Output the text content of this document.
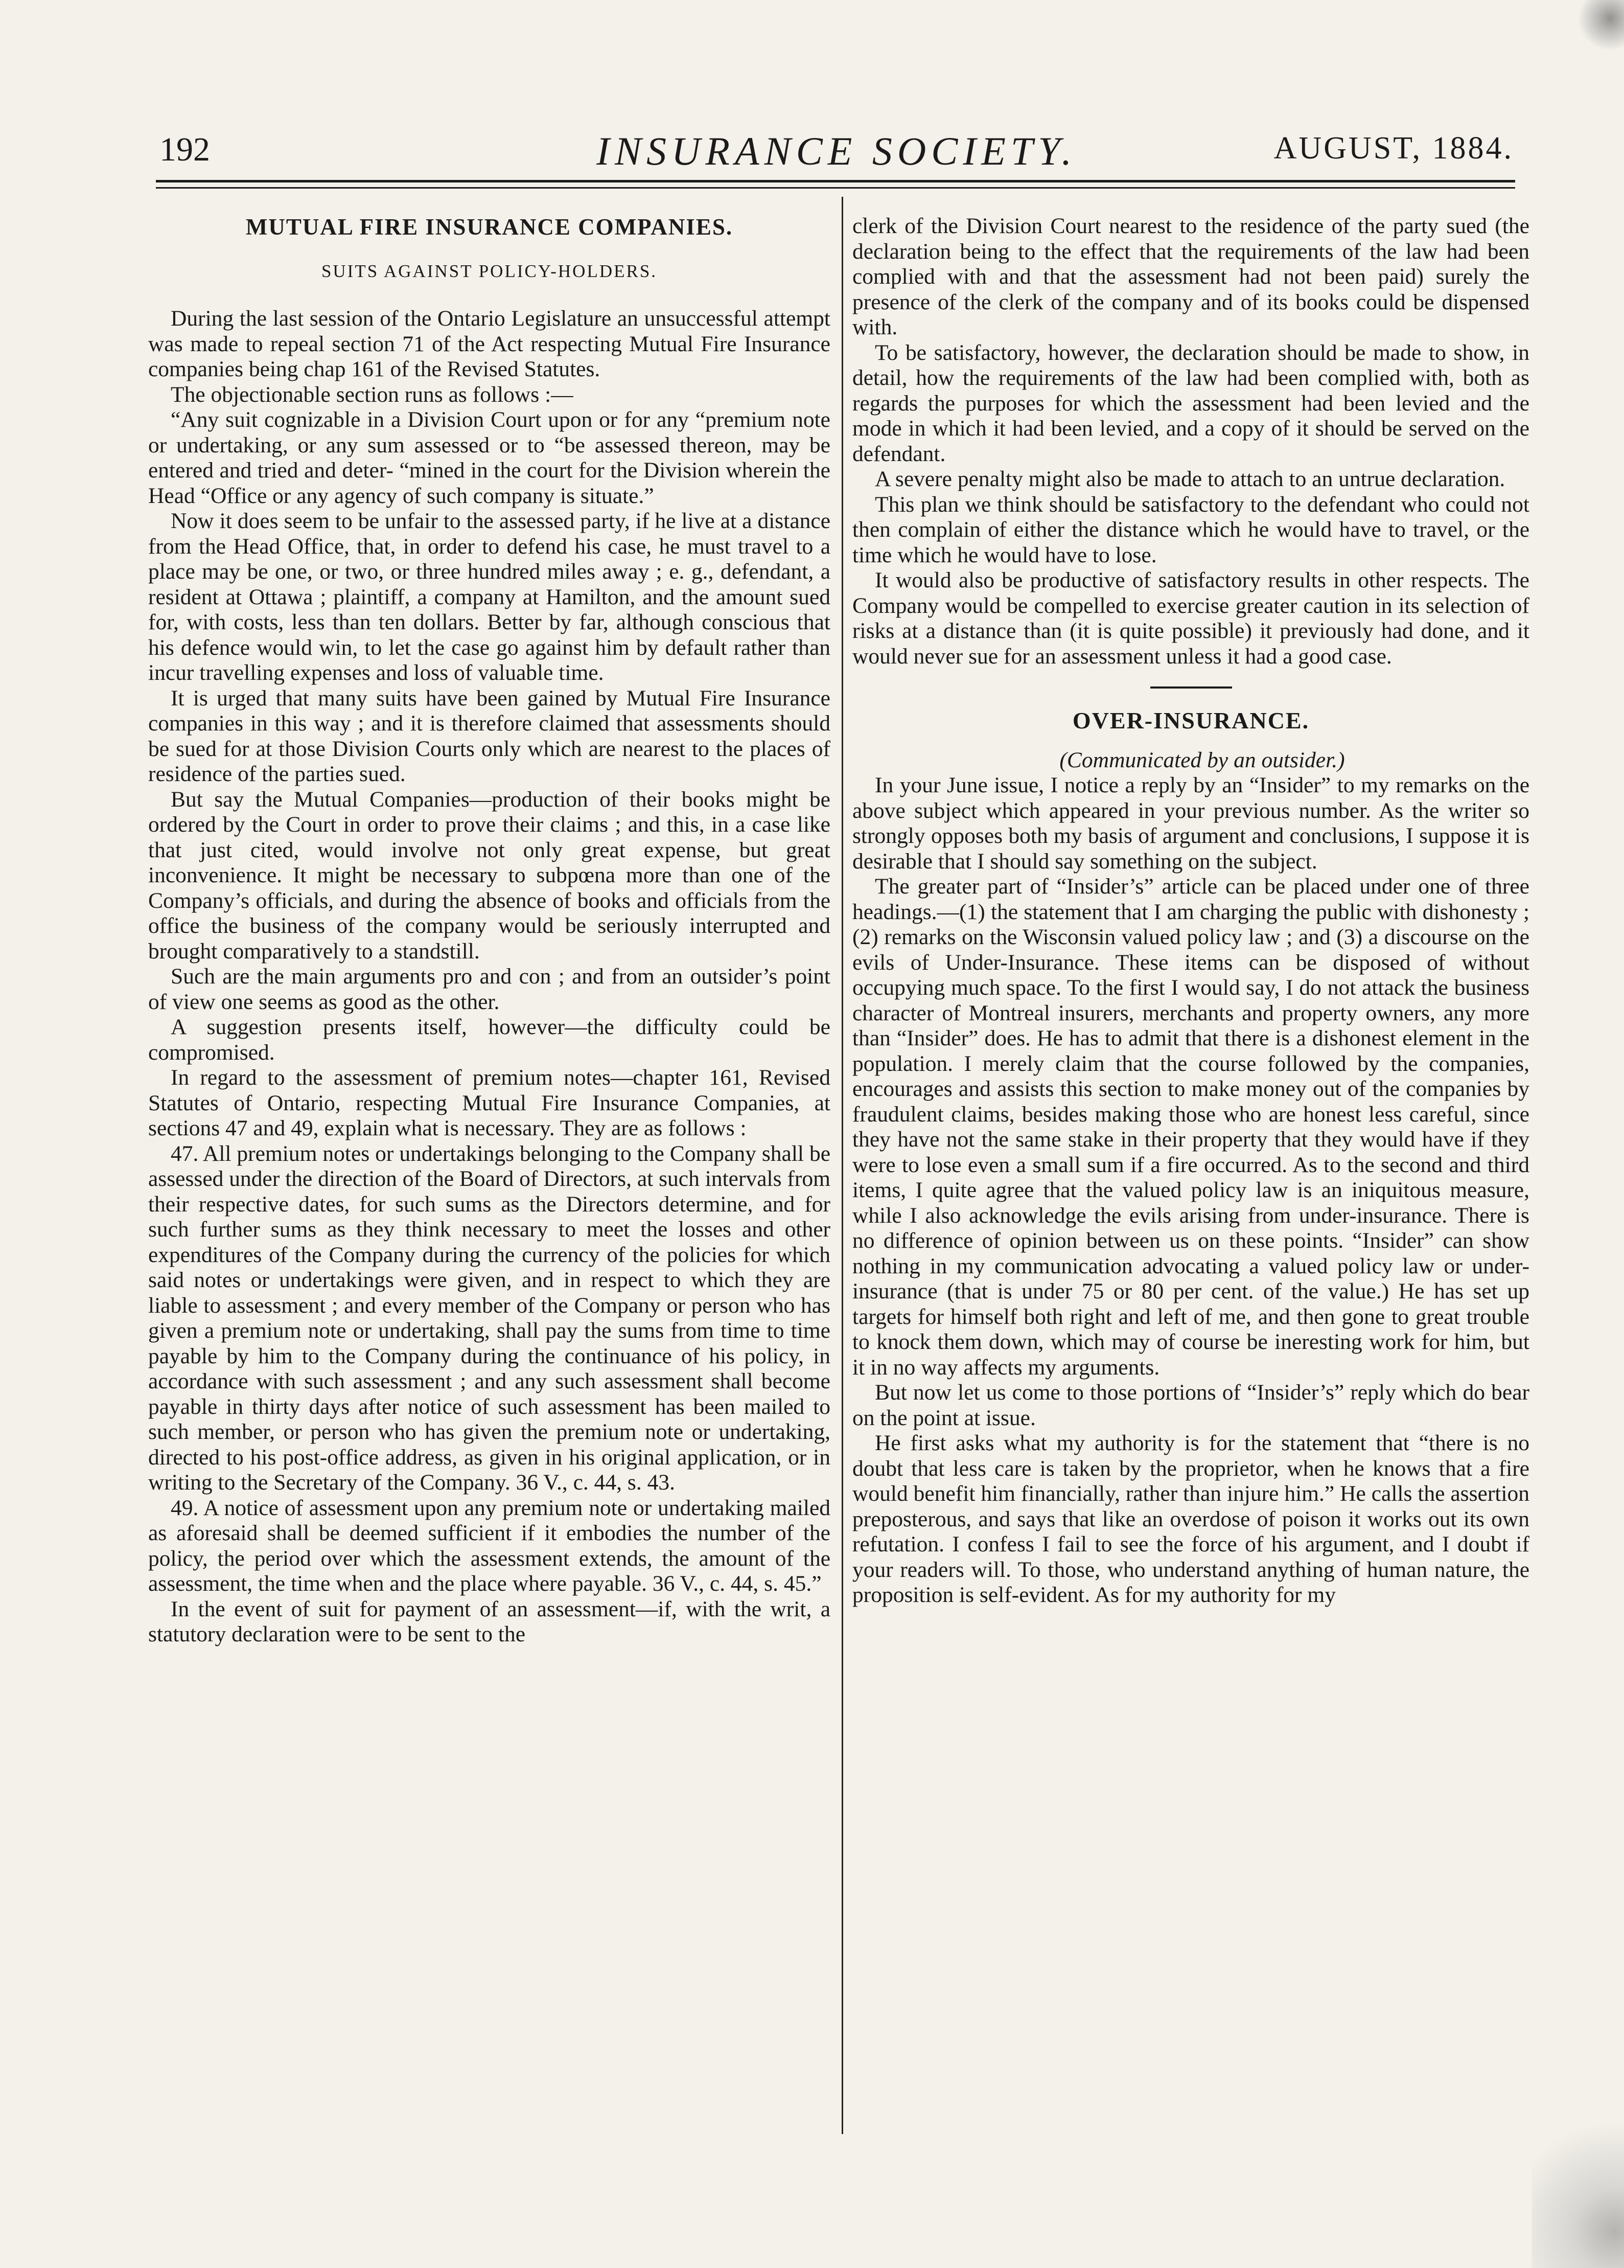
192	INSURANCE SOCIETY.	AUGUST, 1884.
MUTUAL FIRE INSURANCE COMPANIES.
SUITS AGAINST POLICY-HOLDERS.

During the last session of the Ontario Legislature an unsuccessful attempt was made to repeal section 71 of the Act respecting Mutual Fire Insurance companies being chap 161 of the Revised Statutes.

The objectionable section runs as follows :—

“Any suit cognizable in a Division Court upon or for any “premium note or undertaking, or any sum assessed or to “be assessed thereon, may be entered and tried and deter- “mined in the court for the Division wherein the Head “Office or any agency of such company is situate.”

Now it does seem to be unfair to the assessed party, if he live at a distance from the Head Office, that, in order to defend his case, he must travel to a place may be one, or two, or three hundred miles away ; e. g., defendant, a resident at Ottawa ; plaintiff, a company at Hamilton, and the amount sued for, with costs, less than ten dollars. Better by far, although conscious that his defence would win, to let the case go against him by default rather than incur travelling expenses and loss of valuable time.

It is urged that many suits have been gained by Mutual Fire Insurance companies in this way ; and it is therefore claimed that assessments should be sued for at those Division Courts only which are nearest to the places of residence of the parties sued.

But say the Mutual Companies—production of their books might be ordered by the Court in order to prove their claims ; and this, in a case like that just cited, would involve not only great expense, but great inconvenience. It might be necessary to subpœna more than one of the Company’s officials, and during the absence of books and officials from the office the business of the company would be seriously interrupted and brought comparatively to a standstill.

Such are the main arguments pro and con ; and from an outsider’s point of view one seems as good as the other.

A suggestion presents itself, however—the difficulty could be compromised.

In regard to the assessment of premium notes—chapter 161, Revised Statutes of Ontario, respecting Mutual Fire Insurance Companies, at sections 47 and 49, explain what is necessary. They are as follows :

47. All premium notes or undertakings belonging to the Company shall be assessed under the direction of the Board of Directors, at such intervals from their respective dates, for such sums as the Directors determine, and for such further sums as they think necessary to meet the losses and other expenditures of the Company during the currency of the policies for which said notes or undertakings were given, and in respect to which they are liable to assessment ; and every member of the Company or person who has given a premium note or undertaking, shall pay the sums from time to time payable by him to the Company during the continuance of his policy, in accordance with such assessment ; and any such assessment shall become payable in thirty days after notice of such assessment has been mailed to such member, or person who has given the premium note or undertaking, directed to his post-office address, as given in his original application, or in writing to the Secretary of the Company. 36 V., c. 44, s. 43.

49. A notice of assessment upon any premium note or undertaking mailed as aforesaid shall be deemed sufficient if it embodies the number of the policy, the period over which the assessment extends, the amount of the assessment, the time when and the place where payable. 36 V., c. 44, s. 45.”

In the event of suit for payment of an assessment—if, with the writ, a statutory declaration were to be sent to the

clerk of the Division Court nearest to the residence of the party sued (the declaration being to the effect that the requirements of the law had been complied with and that the assessment had not been paid) surely the presence of the clerk of the company and of its books could be dispensed with.

To be satisfactory, however, the declaration should be made to show, in detail, how the requirements of the law had been complied with, both as regards the purposes for which the assessment had been levied and the mode in which it had been levied, and a copy of it should be served on the defendant.

A severe penalty might also be made to attach to an untrue declaration.

This plan we think should be satisfactory to the defendant who could not then complain of either the distance which he would have to travel, or the time which he would have to lose.

It would also be productive of satisfactory results in other respects. The Company would be compelled to exercise greater caution in its selection of risks at a distance than (it is quite possible) it previously had done, and it would never sue for an assessment unless it had a good case.

OVER-INSURANCE.

(Communicated by an outsider.)

In your June issue, I notice a reply by an “Insider” to my remarks on the above subject which appeared in your previous number. As the writer so strongly opposes both my basis of argument and conclusions, I suppose it is desirable that I should say something on the subject.

The greater part of “Insider’s” article can be placed under one of three headings.—(1) the statement that I am charging the public with dishonesty ; (2) remarks on the Wisconsin valued policy law ; and (3) a discourse on the evils of Under-Insurance. These items can be disposed of without occupying much space. To the first I would say, I do not attack the business character of Montreal insurers, merchants and property owners, any more than “Insider” does. He has to admit that there is a dishonest element in the population. I merely claim that the course followed by the companies, encourages and assists this section to make money out of the companies by fraudulent claims, besides making those who are honest less careful, since they have not the same stake in their property that they would have if they were to lose even a small sum if a fire occurred. As to the second and third items, I quite agree that the valued policy law is an iniquitous measure, while I also acknowledge the evils arising from under-insurance. There is no difference of opinion between us on these points. “Insider” can show nothing in my communication advocating a valued policy law or under-insurance (that is under 75 or 80 per cent. of the value.) He has set up targets for himself both right and left of me, and then gone to great trouble to knock them down, which may of course be ineresting work for him, but it in no way affects my arguments.

But now let us come to those portions of “Insider’s” reply which do bear on the point at issue.

He first asks what my authority is for the statement that “there is no doubt that less care is taken by the proprietor, when he knows that a fire would benefit him financially, rather than injure him.” He calls the assertion preposterous, and says that like an overdose of poison it works out its own refutation. I confess I fail to see the force of his argument, and I doubt if your readers will. To those, who understand anything of human nature, the proposition is self-evident. As for my authority for my
